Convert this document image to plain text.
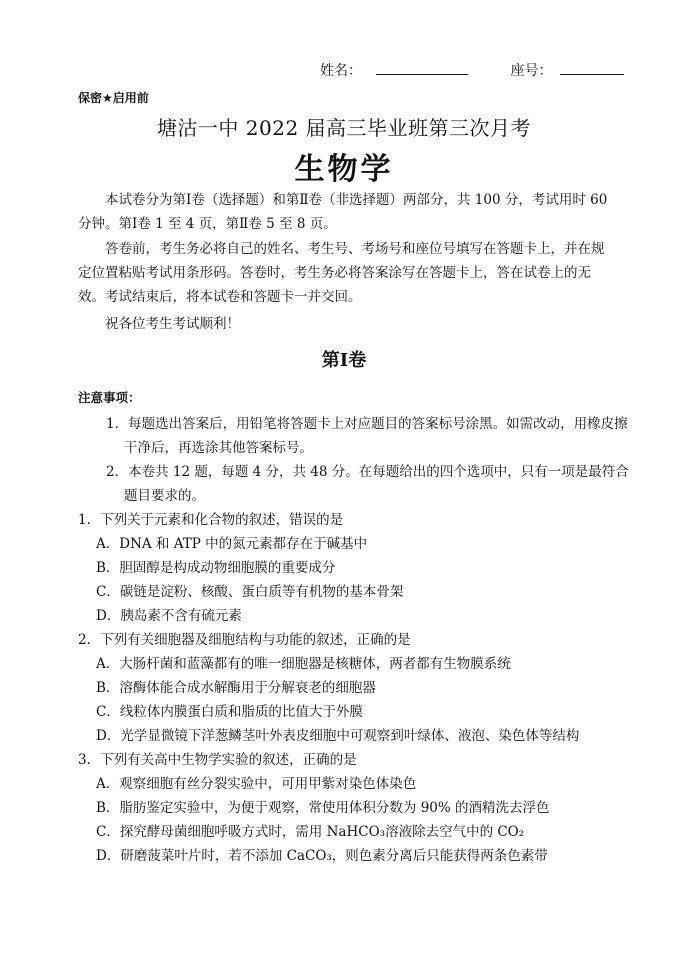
姓名：	座号：
保密★启用前
塘沽一中 2022 届高三毕业班第三次月考
生物学
本试卷分为第Ⅰ卷（选择题）和第Ⅱ卷（非选择题）两部分，共 100 分，考试用时 60 分钟。第Ⅰ卷 1 至 4 页，第Ⅱ卷 5 至 8 页。
答卷前，考生务必将自己的姓名、考生号、考场号和座位号填写在答题卡上，并在规定位置粘贴考试用条形码。答卷时，考生务必将答案涂写在答题卡上，答在试卷上的无效。考试结束后，将本试卷和答题卡一并交回。
祝各位考生考试顺利！
第Ⅰ卷
注意事项：
1．每题选出答案后，用铅笔将答题卡上对应题目的答案标号涂黑。如需改动，用橡皮擦干净后，再选涂其他答案标号。
2．本卷共 12 题，每题 4 分，共 48 分。在每题给出的四个选项中，只有一项是最符合题目要求的。
1．下列关于元素和化合物的叙述，错误的是
A．DNA 和 ATP 中的氮元素都存在于碱基中
B．胆固醇是构成动物细胞膜的重要成分
C．碳链是淀粉、核酸、蛋白质等有机物的基本骨架
D．胰岛素不含有硫元素
2．下列有关细胞器及细胞结构与功能的叙述，正确的是
A．大肠杆菌和蓝藻都有的唯一细胞器是核糖体，两者都有生物膜系统
B．溶酶体能合成水解酶用于分解衰老的细胞器
C．线粒体内膜蛋白质和脂质的比值大于外膜
D．光学显微镜下洋葱鳞茎叶外表皮细胞中可观察到叶绿体、液泡、染色体等结构
3．下列有关高中生物学实验的叙述，正确的是
A．观察细胞有丝分裂实验中，可用甲紫对染色体染色
B．脂肪鉴定实验中，为便于观察，常使用体积分数为 90% 的酒精洗去浮色
C．探究酵母菌细胞呼吸方式时，需用 NaHCO₃溶液除去空气中的 CO₂
D．研磨菠菜叶片时，若不添加 CaCO₃，则色素分离后只能获得两条色素带
